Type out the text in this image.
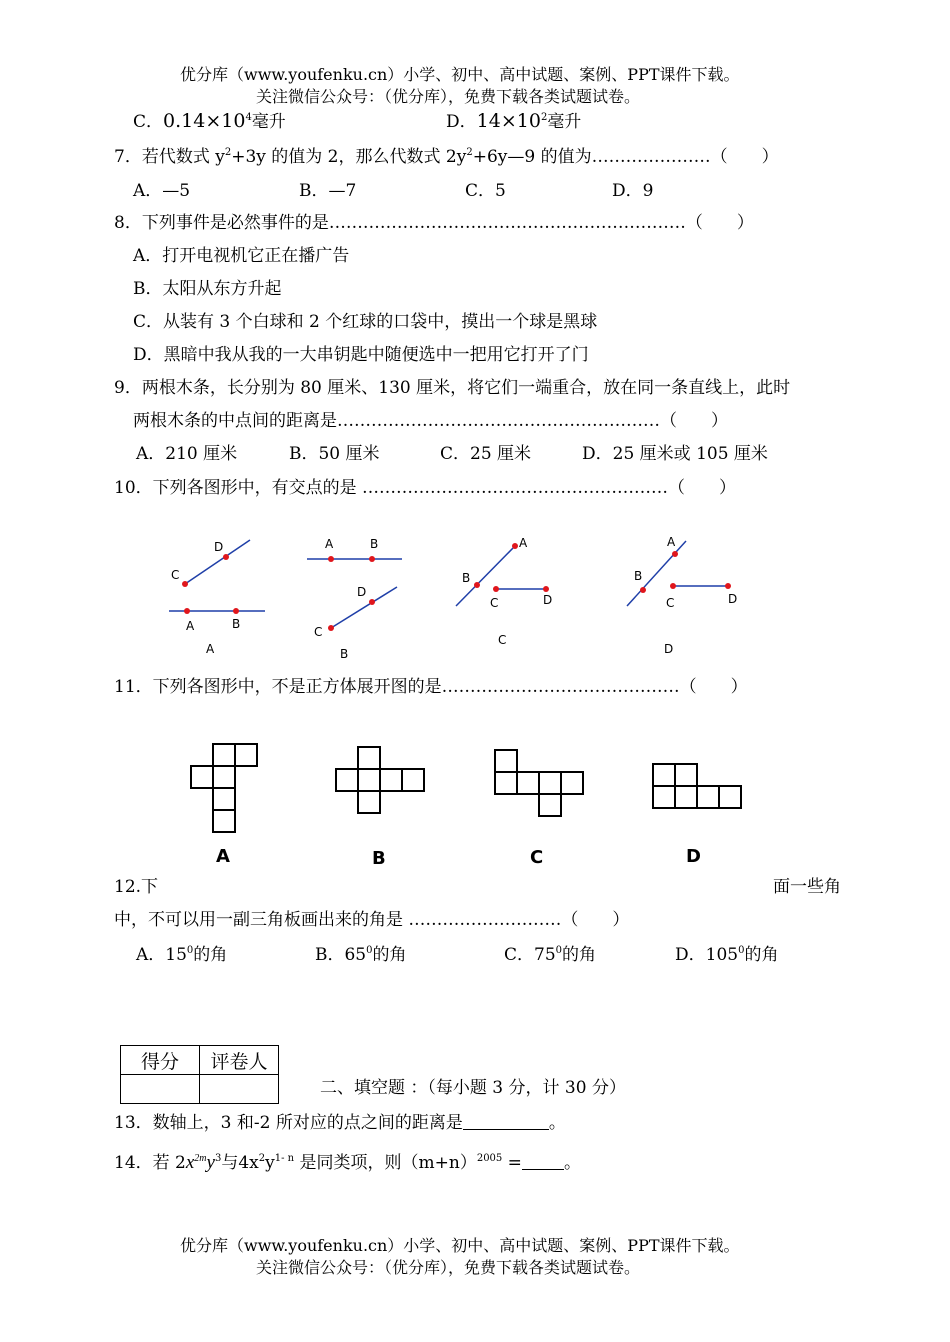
优分库（www.youfenku.cn）小学、初中、高中试题、案例、PPT课件下载。
关注微信公众号：（优分库），免费下载各类试题试卷。
C．$0.14\times 10^4$毫升	D．$14\times 10^2$毫升
7．若代数式 $y^2+3y$ 的值为 2，那么代数式 $2y^2+6y—9$ 的值为…………………（　　）
A．—5	B．—7	C．5	D．9
8．下列事件是必然事件的是………………………………………………………（　　）
A．打开电视机它正在播广告
B．太阳从东方升起
C．从装有 3 个白球和 2 个红球的口袋中，摸出一个球是黑球
D．黑暗中我从我的一大串钥匙中随便选中一把用它打开了门
9．两根木条，长分别为 80 厘米、130 厘米，将它们一端重合，放在同一条直线上，此时
两根木条的中点间的距离是…………………………………………………（　　）
A．210 厘米	B．50 厘米	C．25 厘米	D．25 厘米或 105 厘米
10．下列各图形中，有交点的是 ………………………………………………（　　）
D
C
A	B
A
A	B
D
C
B
A
B
C	D
C
A
B
C	D
D
11．下列各图形中，不是正方体展开图的是……………………………………（　　）
A	B	C	D
12.下	面一些角
中，不可以用一副三角板画出来的角是 ………………………（　　）
A．$15^0$的角	B．$65^0$的角	C．$75^0$的角	D．$105^0$的角
得分	评卷人

二、填空题 ：（每小题 3 分，计 30 分）
13．数轴上，3 和-2 所对应的点之间的距离是	。
14．若 $2x^{2m}y^3$与$4x^2y^{1- n}$ 是同类项，则$(m+n)^{2005}$ = 。
优分库（www.youfenku.cn）小学、初中、高中试题、案例、PPT课件下载。
关注微信公众号：（优分库），免费下载各类试题试卷。
